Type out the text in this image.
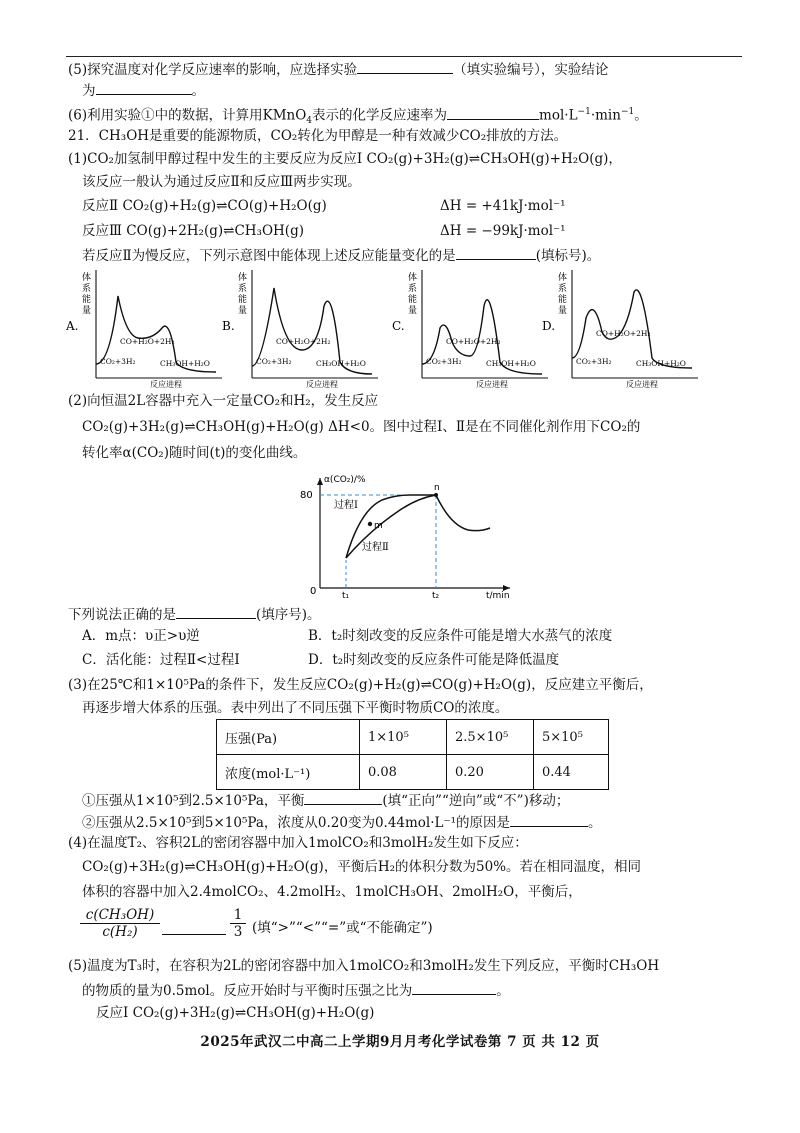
(5)探究温度对化学反应速率的影响，应选择实验	（填实验编号），实验结论
为	。
(6)利用实验①中的数据，计算用KMnO$_4$表示的化学反应速率为	$mol\cdot L^{-1}\cdot\min^{-1}$。
21．CH₃OH是重要的能源物质，CO₂转化为甲醇是一种有效减少CO₂排放的方法。
(1)CO₂加氢制甲醇过程中发生的主要反应为反应Ⅰ CO₂(g)+3H₂(g)⇌CH₃OH(g)+H₂O(g)，
该反应一般认为通过反应Ⅱ和反应Ⅲ两步实现。
反应Ⅱ CO₂(g)+H₂(g)⇌CO(g)+H₂O(g)	ΔH = +41kJ·mol⁻¹
反应Ⅲ CO(g)+2H₂(g)⇌CH₃OH(g)	ΔH = −99kJ·mol⁻¹
若反应Ⅱ为慢反应，下列示意图中能体现上述反应能量变化的是	(填标号)。
A.
体
系
能
量
反应进程
CO+H₂O+2H₂
CO₂+3H₂	CH₃OH+H₂O
B.
体
系
能
量
反应进程
CO+H₂O+2H₂
CO₂+3H₂	CH₃OH+H₂O
C.
体
系
能
量
反应进程
CO+H₂O+2H₂
CO₂+3H₂	CH₃OH+H₂O
D.
体
系
能
量
反应进程
CO+H₂O+2H₂
CO₂+3H₂	CH₃OH+H₂O
(2)向恒温2L容器中充入一定量CO₂和H₂，发生反应
CO₂(g)+3H₂(g)⇌CH₃OH(g)+H₂O(g) ΔH<0。图中过程Ⅰ、Ⅱ是在不同催化剂作用下CO₂的
转化率α(CO₂)随时间(t)的变化曲线。
α(CO₂)/%
80
0	t₁	t₂	t/min
n
m
过程Ⅰ
过程Ⅱ
下列说法正确的是	(填序号)。
A．m点：υ正>υ逆	B．t₂时刻改变的反应条件可能是增大水蒸气的浓度
C．活化能：过程Ⅱ<过程Ⅰ	D．t₂时刻改变的反应条件可能是降低温度
(3)在25℃和1×10⁵Pa的条件下，发生反应CO₂(g)+H₂(g)⇌CO(g)+H₂O(g)，反应建立平衡后，
再逐步增大体系的压强。表中列出了不同压强下平衡时物质CO的浓度。
压强(Pa)	1×10⁵	2.5×10⁵	5×10⁵
浓度(mol·L⁻¹)	0.08	0.20	0.44
①压强从1×10⁵到2.5×10⁵Pa，平衡	(填“正向”“逆向”或“不”)移动；
②压强从2.5×10⁵到5×10⁵Pa，浓度从0.20变为0.44mol·L⁻¹的原因是	。
(4)在温度T₂、容积2L的密闭容器中加入1molCO₂和3molH₂发生如下反应：
CO₂(g)+3H₂(g)⇌CH₃OH(g)+H₂O(g)，平衡后H₂的体积分数为50%。若在相同温度，相同
体积的容器中加入2.4molCO₂、4.2molH₂、1molCH₃OH、2molH₂O，平衡后，
$\frac{\text{c(CH₃OH)}}{\text{c(H₂)}}$	$\frac{1}{3}$ (填“>”“<”“=”或“不能确定”)
(5)温度为T₃时，在容积为2L的密闭容器中加入1molCO₂和3molH₂发生下列反应，平衡时CH₃OH
的物质的量为0.5mol。反应开始时与平衡时压强之比为	。
反应Ⅰ CO₂(g)+3H₂(g)⇌CH₃OH(g)+H₂O(g)
2025年武汉二中高二上学期9月月考化学试卷第 7 页 共 12 页
